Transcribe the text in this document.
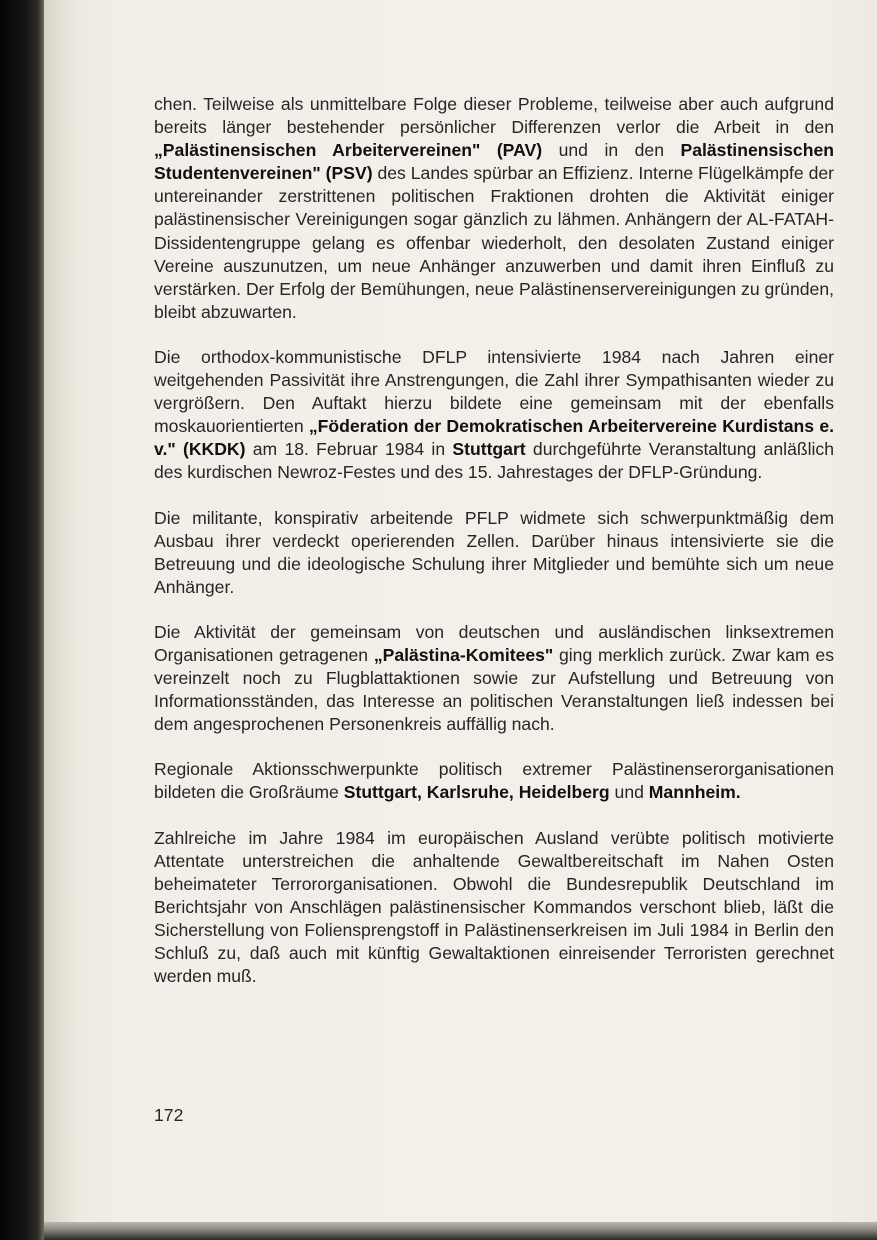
chen. Teilweise als unmittelbare Folge dieser Probleme, teilweise aber auch aufgrund bereits länger bestehender persönlicher Differenzen verlor die Arbeit in den „Palästinensischen Arbeitervereinen" (PAV) und in den Palästinensischen Studentenvereinen" (PSV) des Landes spürbar an Effizienz. Interne Flügelkämpfe der untereinander zerstrittenen politischen Fraktionen drohten die Aktivität einiger palästinensischer Vereinigungen sogar gänzlich zu lähmen. Anhängern der AL-FATAH-Dissidentengruppe gelang es offenbar wiederholt, den desolaten Zustand einiger Vereine auszunutzen, um neue Anhänger anzuwerben und damit ihren Einfluß zu verstärken. Der Erfolg der Bemühungen, neue Palästinenservereinigungen zu gründen, bleibt abzuwarten.

Die orthodox-kommunistische DFLP intensivierte 1984 nach Jahren einer weitgehenden Passivität ihre Anstrengungen, die Zahl ihrer Sympathisanten wieder zu vergrößern. Den Auftakt hierzu bildete eine gemeinsam mit der ebenfalls moskauorientierten „Föderation der Demokratischen Arbeitervereine Kurdistans e. v." (KKDK) am 18. Februar 1984 in Stuttgart durchgeführte Veranstaltung anläßlich des kurdischen Newroz-Festes und des 15. Jahrestages der DFLP-Gründung.

Die militante, konspirativ arbeitende PFLP widmete sich schwerpunktmäßig dem Ausbau ihrer verdeckt operierenden Zellen. Darüber hinaus intensivierte sie die Betreuung und die ideologische Schulung ihrer Mitglieder und bemühte sich um neue Anhänger.

Die Aktivität der gemeinsam von deutschen und ausländischen linksextremen Organisationen getragenen „Palästina-Komitees" ging merklich zurück. Zwar kam es vereinzelt noch zu Flugblattaktionen sowie zur Aufstellung und Betreuung von Informationsständen, das Interesse an politischen Veranstaltungen ließ indessen bei dem angesprochenen Personenkreis auffällig nach.

Regionale Aktionsschwerpunkte politisch extremer Palästinenserorganisationen bildeten die Großräume Stuttgart, Karlsruhe, Heidelberg und Mannheim.

Zahlreiche im Jahre 1984 im europäischen Ausland verübte politisch motivierte Attentate unterstreichen die anhaltende Gewaltbereitschaft im Nahen Osten beheimateter Terrororganisationen. Obwohl die Bundesrepublik Deutschland im Berichtsjahr von Anschlägen palästinensischer Kommandos verschont blieb, läßt die Sicherstellung von Foliensprengstoff in Palästinenserkreisen im Juli 1984 in Berlin den Schluß zu, daß auch mit künftig Gewaltaktionen einreisender Terroristen gerechnet werden muß.

172
